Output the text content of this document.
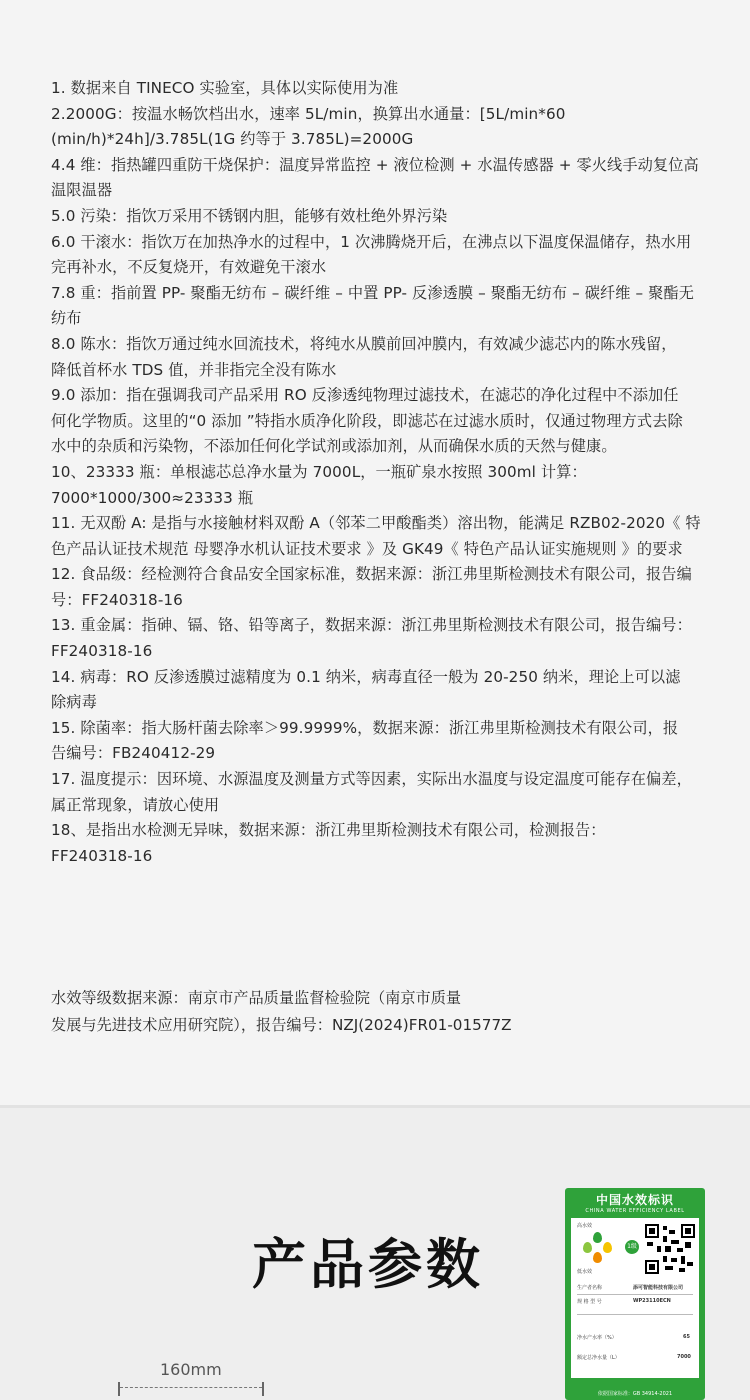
1. 数据来自 TINECO 实验室，具体以实际使用为准

2.2000G：按温水畅饮档出水，速率 5L/min，换算出水通量：[5L/min*60

(min/h)*24h]/3.785L(1G 约等于 3.785L)=2000G

4.4 维：指热罐四重防干烧保护：温度异常监控 + 液位检测 + 水温传感器 + 零火线手动复位高

温限温器

5.0 污染：指饮万采用不锈钢内胆，能够有效杜绝外界污染

6.0 干滚水：指饮万在加热净水的过程中，1 次沸腾烧开后，在沸点以下温度保温储存，热水用

完再补水，不反复烧开，有效避免干滚水

7.8 重：指前置 PP- 聚酯无纺布 – 碳纤维 – 中置 PP- 反渗透膜 – 聚酯无纺布 – 碳纤维 – 聚酯无

纺布

8.0 陈水：指饮万通过纯水回流技术，将纯水从膜前回冲膜内，有效减少滤芯内的陈水残留，

降低首杯水 TDS 值，并非指完全没有陈水

9.0 添加：指在强调我司产品采用 RO 反渗透纯物理过滤技术，在滤芯的净化过程中不添加任

何化学物质。这里的“0 添加 ”特指水质净化阶段，即滤芯在过滤水质时，仅通过物理方式去除

水中的杂质和污染物，不添加任何化学试剂或添加剂，从而确保水质的天然与健康。

10、23333 瓶：单根滤芯总净水量为 7000L，一瓶矿泉水按照 300ml 计算：

7000*1000/300≈23333 瓶

11. 无双酚 A: 是指与水接触材料双酚 A（邻苯二甲酸酯类）溶出物，能满足 RZB02-2020《 特

色产品认证技术规范 母婴净水机认证技术要求 》及 GK49《 特色产品认证实施规则 》的要求

12. 食品级：经检测符合食品安全国家标准，数据来源：浙江弗里斯检测技术有限公司，报告编

号：FF240318-16

13. 重金属：指砷、镉、铬、铅等离子，数据来源：浙江弗里斯检测技术有限公司，报告编号：

FF240318-16

14. 病毒：RO 反渗透膜过滤精度为 0.1 纳米，病毒直径一般为 20-250 纳米，理论上可以滤

除病毒

15. 除菌率：指大肠杆菌去除率＞99.9999%，数据来源：浙江弗里斯检测技术有限公司，报

告编号：FB240412-29

17. 温度提示：因环境、水源温度及测量方式等因素，实际出水温度与设定温度可能存在偏差，

属正常现象，请放心使用

18、是指出水检测无异味，数据来源：浙江弗里斯检测技术有限公司，检测报告：

FF240318-16

水效等级数据来源：南京市产品质量监督检验院（南京市质量

发展与先进技术应用研究院），报告编号：NZJ(2024)FR01-01577Z

产品参数
160mm
中国水效标识
CHINA WATER EFFICIENCY LABEL
高水效
1级
低水效
生产者名称	添可智能科技有限公司
规 格 型 号	WP23110ECN
净水产水率（%）	65
额定总净水量（L）	7000
依据国家标准：GB 34914-2021
